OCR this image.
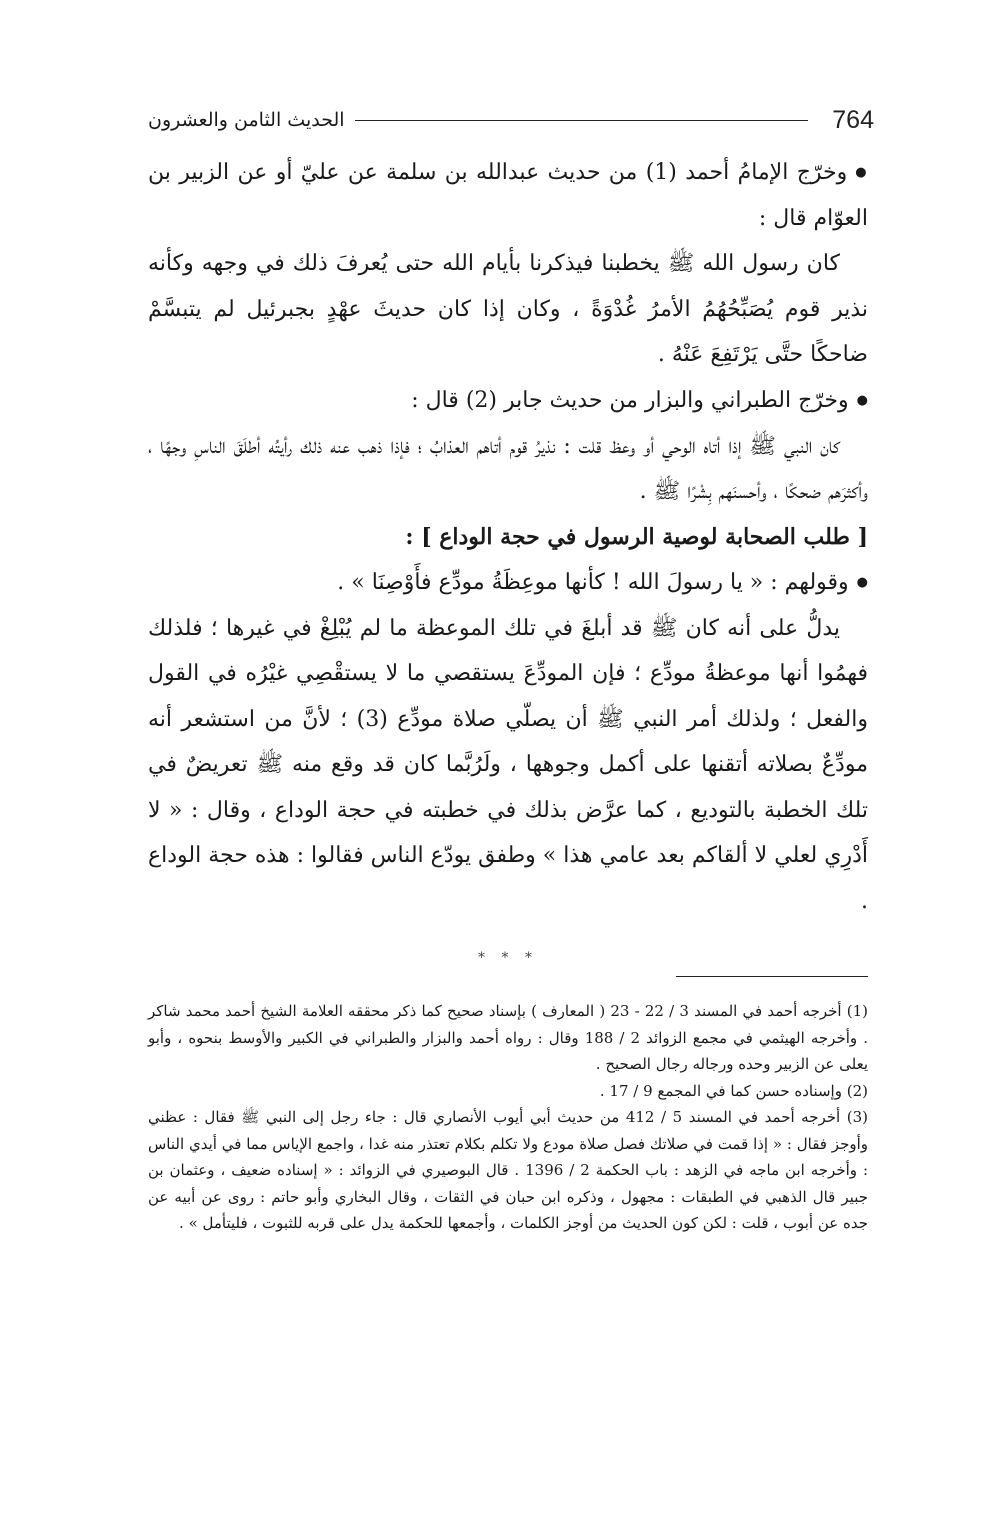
764
الحديث الثامن والعشرون

● وخرّج الإمامُ أحمد (1) من حديث عبدالله بن سلمة عن عليّ أو عن الزبير بن العوّام قال :

كان رسول الله ﷺ يخطبنا فيذكرنا بأيام الله حتى يُعرفَ ذلك في وجهه وكأنه نذير قوم يُصَبِّحُهُمُ الأمرُ غُدْوَةً ، وكان إذا كان حديثَ عهْدٍ بجبرئيل لم يتبسَّمْ ضاحكًا حتَّى يَرْتَفِعَ عَنْهُ .

● وخرّج الطبراني والبزار من حديث جابر (2) قال :

كان النبي ﷺ إذا أتاه الوحي أو وعظ قلت : نذيرُ قوم أتاهم العذابُ ؛ فإذا ذهب عنه ذلك رأيتُه أطلَقَ الناسِ وجهًا ، وأكثرَهم ضحكًا ، وأحسنَهم بِشْرًا ﷺ .

[ طلب الصحابة لوصية الرسول في حجة الوداع ] :

● وقولهم : « يا رسولَ الله ! كأنها موعِظَةُ مودِّع فأَوْصِنَا » .

يدلُّ على أنه كان ﷺ قد أبلغَ في تلك الموعظة ما لم يُبْلِغْ في غيرها ؛ فلذلك فهمُوا أنها موعظةُ مودِّع ؛ فإن المودِّعَ يستقصي ما لا يستقْصِي غيْرُه في القول والفعل ؛ ولذلك أمر النبي ﷺ أن يصلّي صلاة مودِّع (3) ؛ لأنَّ من استشعر أنه مودِّعٌ بصلاته أتقنها على أكمل وجوهها ، ولَرُبَّما كان قد وقع منه ﷺ تعريضٌ في تلك الخطبة بالتوديع ، كما عرَّض بذلك في خطبته في حجة الوداع ، وقال : « لا أَدْرِي لعلي لا ألقاكم بعد عامي هذا » وطفق يودّع الناس فقالوا : هذه حجة الوداع .

* * *

(1) أخرجه أحمد في المسند 3 / 22 - 23 ( المعارف ) بإسناد صحيح كما ذكر محققه العلامة الشيخ أحمد محمد شاكر . وأخرجه الهيثمي في مجمع الزوائد 2 / 188 وقال : رواه أحمد والبزار والطبراني في الكبير والأوسط بنحوه ، وأبو يعلى عن الزبير وحده ورجاله رجال الصحيح .

(2) وإسناده حسن كما في المجمع 9 / 17 .

(3) أخرجه أحمد في المسند 5 / 412 من حديث أبي أيوب الأنصاري قال : جاء رجل إلى النبي ﷺ فقال : عظني وأوجز فقال : « إذا قمت في صلاتك فصل صلاة مودع ولا تكلم بكلام تعتذر منه غدا ، واجمع الإياس مما في أيدي الناس : وأخرجه ابن ماجه في الزهد : باب الحكمة 2 / 1396 . قال البوصيري في الزوائد : « إسناده ضعيف ، وعثمان بن جبير قال الذهبي في الطبقات : مجهول ، وذكره ابن حبان في الثقات ، وقال البخاري وأبو حاتم : روى عن أبيه عن جده عن أبوب ، قلت : لكن كون الحديث من أوجز الكلمات ، وأجمعها للحكمة يدل على قربه للثبوت ، فليتأمل » .
